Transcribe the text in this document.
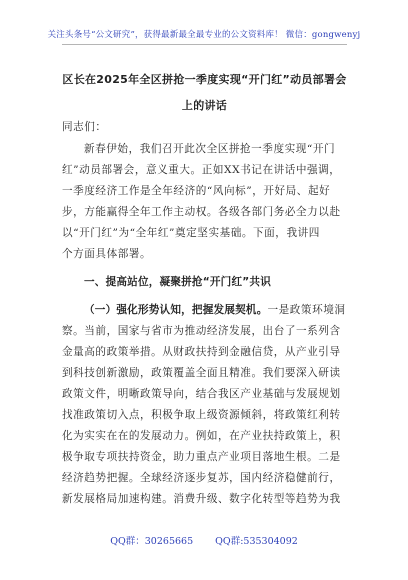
关注头条号“公文研究”，获得最新最全最专业的公文资料库！ 微信：gongwenyj
区长在2025年全区拼抢一季度实现“开门红”动员部署会
上的讲话
同志们：
新春伊始，我们召开此次全区拼抢一季度实现“开门
红”动员部署会，意义重大。正如XX书记在讲话中强调，
一季度经济工作是全年经济的“风向标”，开好局、起好
步，方能赢得全年工作主动权。各级各部门务必全力以赴
以“开门红”为“全年红”奠定坚实基础。下面，我讲四
个方面具体部署。
一、提高站位，凝聚拼抢“开门红”共识
（一）强化形势认知，把握发展契机。一是政策环境洞
察。当前，国家与省市为推动经济发展，出台了一系列含
金量高的政策举措。从财政扶持到金融信贷，从产业引导
到科技创新激励，政策覆盖全面且精准。我们要深入研读
政策文件，明晰政策导向，结合我区产业基础与发展规划
找准政策切入点，积极争取上级资源倾斜，将政策红利转
化为实实在在的发展动力。例如，在产业扶持政策上，积
极争取专项扶持资金，助力重点产业项目落地生根。二是
经济趋势把握。全球经济逐步复苏，国内经济稳健前行，
新发展格局加速构建。消费升级、数字化转型等趋势为我
QQ群：30265665 QQ群:535304092
